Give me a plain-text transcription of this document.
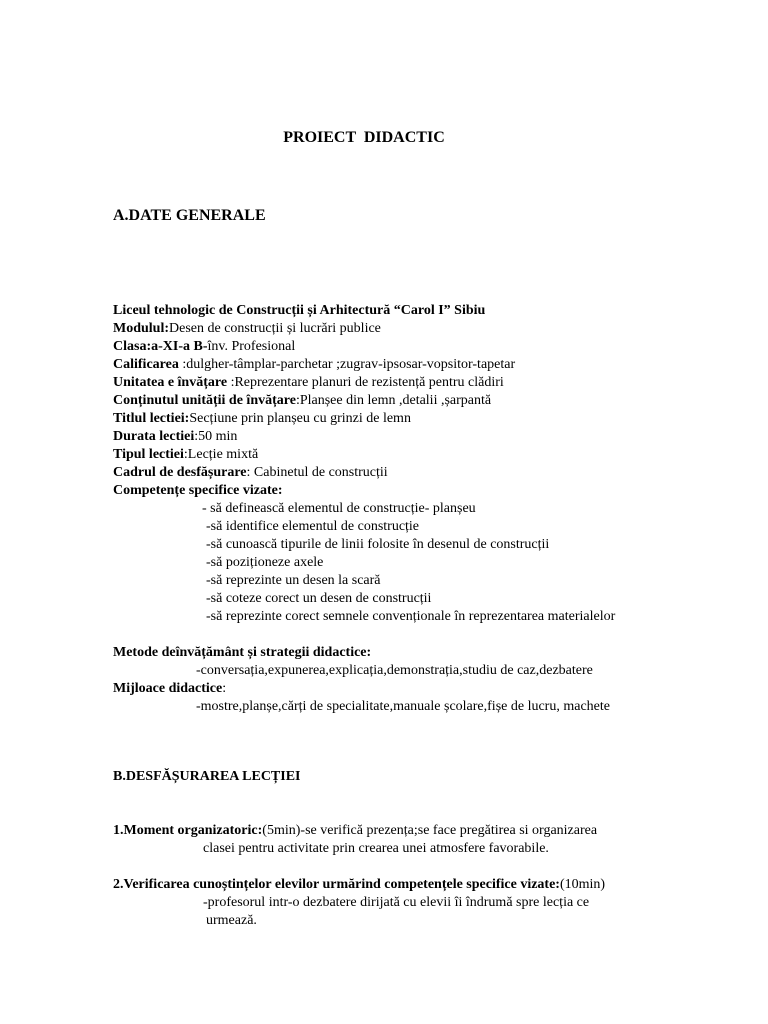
PROIECT  DIDACTIC
A.DATE GENERALE
Liceul tehnologic de Construcții și Arhitectură “Carol I” Sibiu
Modulul:Desen de construcții și lucrări publice
Clasa:a-XI-a B-înv. Profesional
Calificarea :dulgher-tâmplar-parchetar ;zugrav-ipsosar-vopsitor-tapetar
Unitatea e învățare :Reprezentare planuri de rezistență pentru clădiri
Conținutul unității de învățare:Planșee din lemn ,detalii ,șarpantă
Titlul lectiei:Secțiune prin planșeu cu grinzi de lemn
Durata lectiei:50 min
Tipul lectiei:Lecție mixtă
Cadrul de desfășurare: Cabinetul de construcții
Competențe specifice vizate:
- să definească elementul de construcție- planșeu
-să identifice elementul de construcție
-să cunoască tipurile de linii folosite în desenul de construcții
-să poziționeze axele
-să reprezinte un desen la scară
-să coteze corect un desen de construcții
-să reprezinte corect semnele convenționale în reprezentarea materialelor
Metode deînvățământ și strategii didactice:
-conversația,expunerea,explicația,demonstrația,studiu de caz,dezbatere
Mijloace didactice:
-mostre,planșe,cărți de specialitate,manuale școlare,fișe de lucru, machete
B.DESFĂȘURAREA LECȚIEI
1.Moment organizatoric:(5min)-se verifică prezența;se face pregătirea si organizarea
clasei pentru activitate prin crearea unei atmosfere favorabile.
2.Verificarea cunoștințelor elevilor urmărind competențele specifice vizate:(10min)
-profesorul intr-o dezbatere dirijată cu elevii îi îndrumă spre lecția ce
urmează.
